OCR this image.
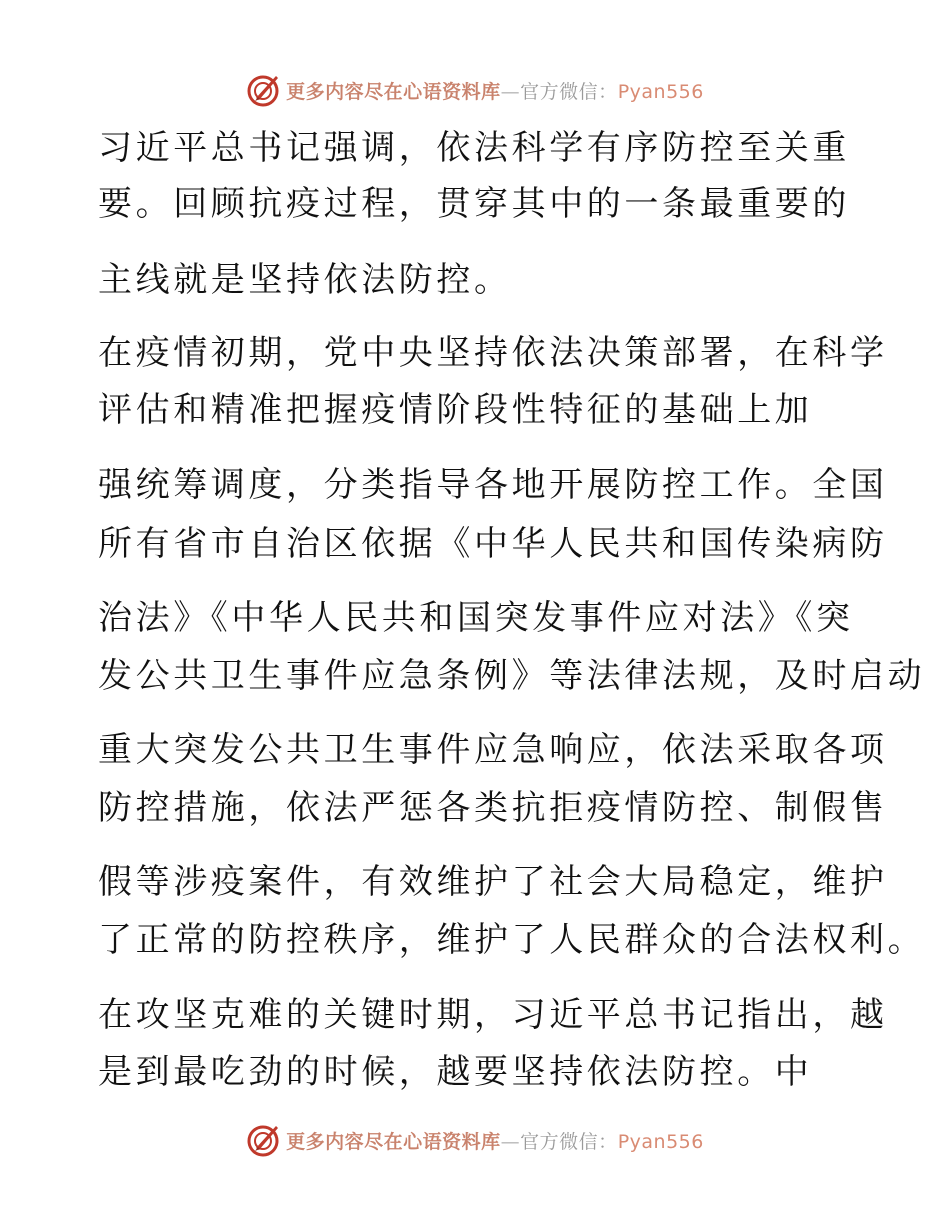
更多内容尽在心语资料库—官方微信：Pyan556
习近平总书记强调，依法科学有序防控至关重
要。回顾抗疫过程，贯穿其中的一条最重要的
主线就是坚持依法防控。
在疫情初期，党中央坚持依法决策部署，在科学
评估和精准把握疫情阶段性特征的基础上加
强统筹调度，分类指导各地开展防控工作。全国
所有省市自治区依据《中华人民共和国传染病防
治法》《中华人民共和国突发事件应对法》《突
发公共卫生事件应急条例》等法律法规，及时启动
重大突发公共卫生事件应急响应，依法采取各项
防控措施，依法严惩各类抗拒疫情防控、制假售
假等涉疫案件，有效维护了社会大局稳定，维护
了正常的防控秩序，维护了人民群众的合法权利。
在攻坚克难的关键时期，习近平总书记指出，越
是到最吃劲的时候，越要坚持依法防控。中
更多内容尽在心语资料库—官方微信：Pyan556
